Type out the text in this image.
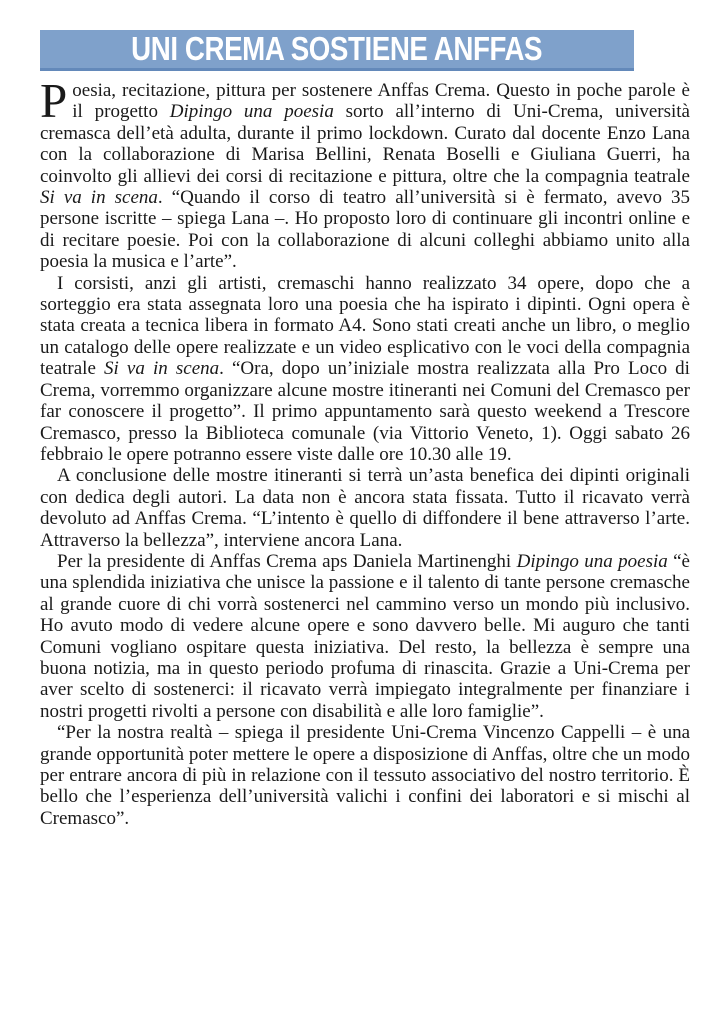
UNI CREMA SOSTIENE ANFFAS

Poesia, recitazione, pittura per sostenere Anffas Crema. Questo in poche parole è il progetto Dipingo una poesia sorto all’interno di Uni-Crema, università cremasca dell’età adulta, durante il primo lockdown. Curato dal docente Enzo Lana con la collaborazione di Marisa Bellini, Renata Boselli e Giuliana Guerri, ha coinvolto gli allievi dei corsi di recitazione e pittura, oltre che la compagnia teatrale Si va in scena. “Quando il corso di teatro all’università si è fermato, avevo 35 persone iscritte – spiega Lana –. Ho proposto loro di continuare gli incontri online e di recitare poesie. Poi con la collaborazione di alcuni colleghi abbiamo unito alla poesia la musica e l’arte”.

I corsisti, anzi gli artisti, cremaschi hanno realizzato 34 opere, dopo che a sorteggio era stata assegnata loro una poesia che ha ispirato i dipinti. Ogni opera è stata creata a tecnica libera in formato A4. Sono stati creati anche un libro, o meglio un catalogo delle opere realizzate e un video esplicativo con le voci della compagnia teatrale Si va in scena. “Ora, dopo un’iniziale mostra realizzata alla Pro Loco di Crema, vorremmo organizzare alcune mostre itineranti nei Comuni del Cremasco per far conoscere il progetto”. Il primo appuntamento sarà questo weekend a Trescore Cremasco, presso la Biblioteca comunale (via Vittorio Veneto, 1). Oggi sabato 26 febbraio le opere potranno essere viste dalle ore 10.30 alle 19.

A conclusione delle mostre itineranti si terrà un’asta benefica dei dipinti originali con dedica degli autori. La data non è ancora stata fissata. Tutto il ricavato verrà devoluto ad Anffas Crema. “L’intento è quello di diffondere il bene attraverso l’arte. Attraverso la bellezza”, interviene ancora Lana.

Per la presidente di Anffas Crema aps Daniela Martinenghi Dipingo una poesia “è una splendida iniziativa che unisce la passione e il talento di tante persone cremasche al grande cuore di chi vorrà sostenerci nel cammino verso un mondo più inclusivo. Ho avuto modo di vedere alcune opere e sono davvero belle. Mi auguro che tanti Comuni vogliano ospitare questa iniziativa. Del resto, la bellezza è sempre una buona notizia, ma in questo periodo profuma di rinascita. Grazie a Uni-Crema per aver scelto di sostenerci: il ricavato verrà impiegato integralmente per finanziare i nostri progetti rivolti a persone con disabilità e alle loro famiglie”.

“Per la nostra realtà – spiega il presidente Uni-Crema Vincenzo Cappelli – è una grande opportunità poter mettere le opere a disposizione di Anffas, oltre che un modo per entrare ancora di più in relazione con il tessuto associativo del nostro territorio. È bello che l’esperienza dell’università valichi i confini dei laboratori e si mischi al Cremasco”.
